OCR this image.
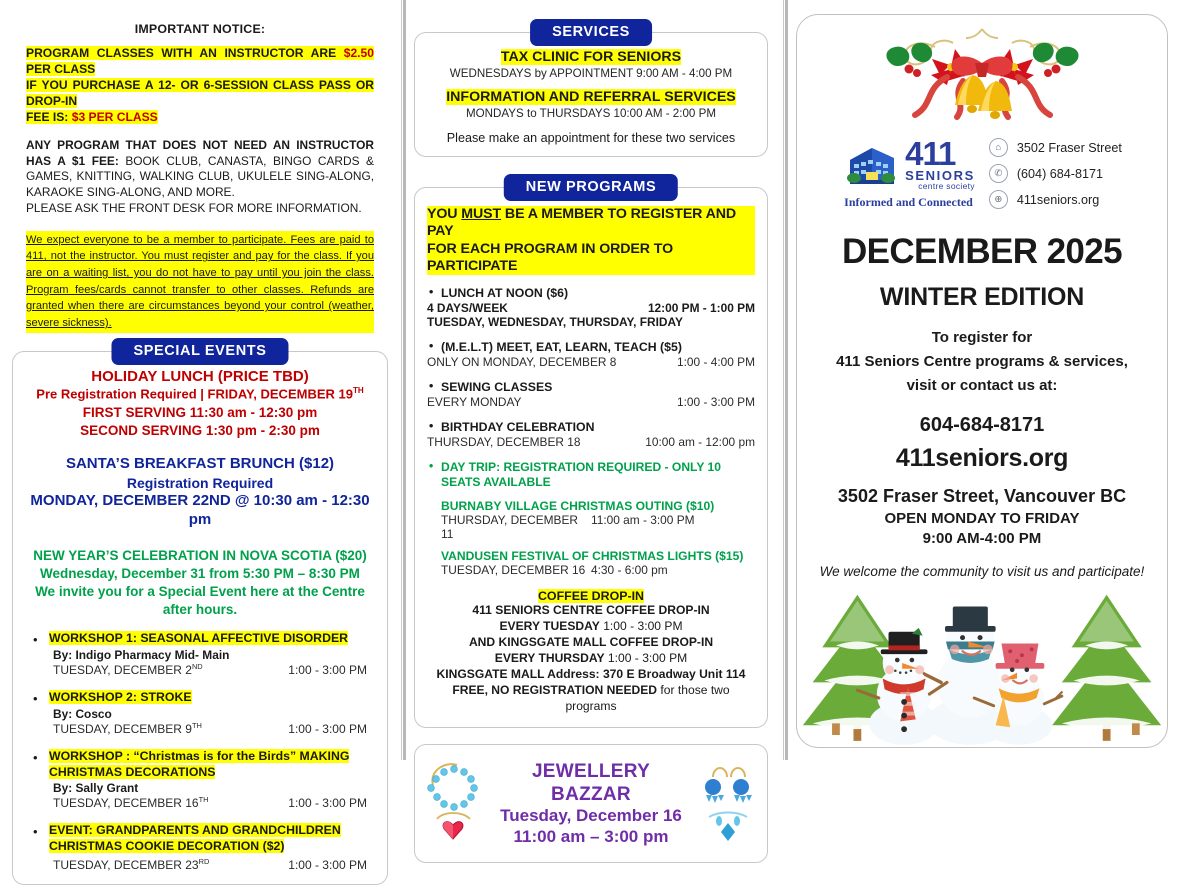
IMPORTANT NOTICE:
PROGRAM CLASSES WITH AN INSTRUCTOR ARE $2.50 PER CLASS
IF YOU PURCHASE A 12- OR 6-SESSION CLASS PASS OR DROP-IN
FEE IS: $3 PER CLASS
ANY PROGRAM THAT DOES NOT NEED AN INSTRUCTOR HAS A $1 FEE: BOOK CLUB, CANASTA, BINGO CARDS & GAMES, KNITTING, WALKING CLUB, UKULELE SING-ALONG, KARAOKE SING-ALONG, AND MORE.
PLEASE ASK THE FRONT DESK FOR MORE INFORMATION.
We expect everyone to be a member to participate. Fees are paid to 411, not the instructor. You must register and pay for the class. If you are on a waiting list, you do not have to pay until you join the class. Program fees/cards cannot transfer to other classes. Refunds are granted when there are circumstances beyond your control (weather, severe sickness).
SPECIAL EVENTS
HOLIDAY LUNCH (PRICE TBD)
Pre Registration Required | FRIDAY, DECEMBER 19TH
FIRST SERVING 11:30 am - 12:30 pm
SECOND SERVING 1:30 pm - 2:30 pm
SANTA’S BREAKFAST BRUNCH ($12)
Registration Required
MONDAY, DECEMBER 22ND @ 10:30 am - 12:30 pm
NEW YEAR’S CELEBRATION IN NOVA SCOTIA ($20)
Wednesday, December 31 from 5:30 PM – 8:30 PM
We invite you for a Special Event here at the Centre after hours.
• WORKSHOP 1: SEASONAL AFFECTIVE DISORDER
By: Indigo Pharmacy Mid- Main
TUESDAY, DECEMBER 2ND	1:00 - 3:00 PM
• WORKSHOP 2: STROKE
By: Cosco
TUESDAY, DECEMBER 9TH	1:00 - 3:00 PM
• WORKSHOP : “Christmas is for the Birds” MAKING
CHRISTMAS DECORATIONS
By: Sally Grant
TUESDAY, DECEMBER 16TH	1:00 - 3:00 PM
• EVENT: GRANDPARENTS AND GRANDCHILDREN
CHRISTMAS COOKIE DECORATION ($2)
TUESDAY, DECEMBER 23RD	1:00 - 3:00 PM
SERVICES
TAX CLINIC FOR SENIORS
WEDNESDAYS by APPOINTMENT 9:00 AM - 4:00 PM
INFORMATION AND REFERRAL SERVICES
MONDAYS to THURSDAYS 10:00 AM - 2:00 PM
Please make an appointment for these two services
NEW PROGRAMS
YOU MUST BE A MEMBER TO REGISTER AND PAY
FOR EACH PROGRAM IN ORDER TO PARTICIPATE
• LUNCH AT NOON ($6)
4 DAYS/WEEK	12:00 PM - 1:00 PM
TUESDAY, WEDNESDAY, THURSDAY, FRIDAY
• (M.E.L.T) MEET, EAT, LEARN, TEACH ($5)
ONLY ON MONDAY, DECEMBER 8	1:00 - 4:00 PM
• SEWING CLASSES
EVERY MONDAY	1:00 - 3:00 PM
• BIRTHDAY CELEBRATION
THURSDAY, DECEMBER 18	10:00 am - 12:00 pm
• DAY TRIP: REGISTRATION REQUIRED - ONLY 10
SEATS AVAILABLE
BURNABY VILLAGE CHRISTMAS OUTING ($10)
THURSDAY, DECEMBER 11
11:00 am - 3:00 PM
VANDUSEN FESTIVAL OF CHRISTMAS LIGHTS ($15)
TUESDAY, DECEMBER 16 4:30 - 6:00 pm
COFFEE DROP-IN
411 SENIORS CENTRE COFFEE DROP-IN
EVERY TUESDAY 1:00 - 3:00 PM
AND KINGSGATE MALL COFFEE DROP-IN
EVERY THURSDAY 1:00 - 3:00 PM
KINGSGATE MALL Address: 370 E Broadway Unit 114
FREE, NO REGISTRATION NEEDED for those two programs
JEWELLERY BAZZAR
Tuesday, December 16
11:00 am – 3:00 pm
411
SENIORS
centre society
Informed and Connected
⌂	3502 Fraser Street
✆	(604) 684-8171
⊕	411seniors.org
DECEMBER 2025
WINTER EDITION
To register for
411 Seniors Centre programs & services,
visit or contact us at:
604-684-8171
411seniors.org
3502 Fraser Street, Vancouver BC
OPEN MONDAY TO FRIDAY
9:00 AM-4:00 PM
We welcome the community to visit us and participate!
